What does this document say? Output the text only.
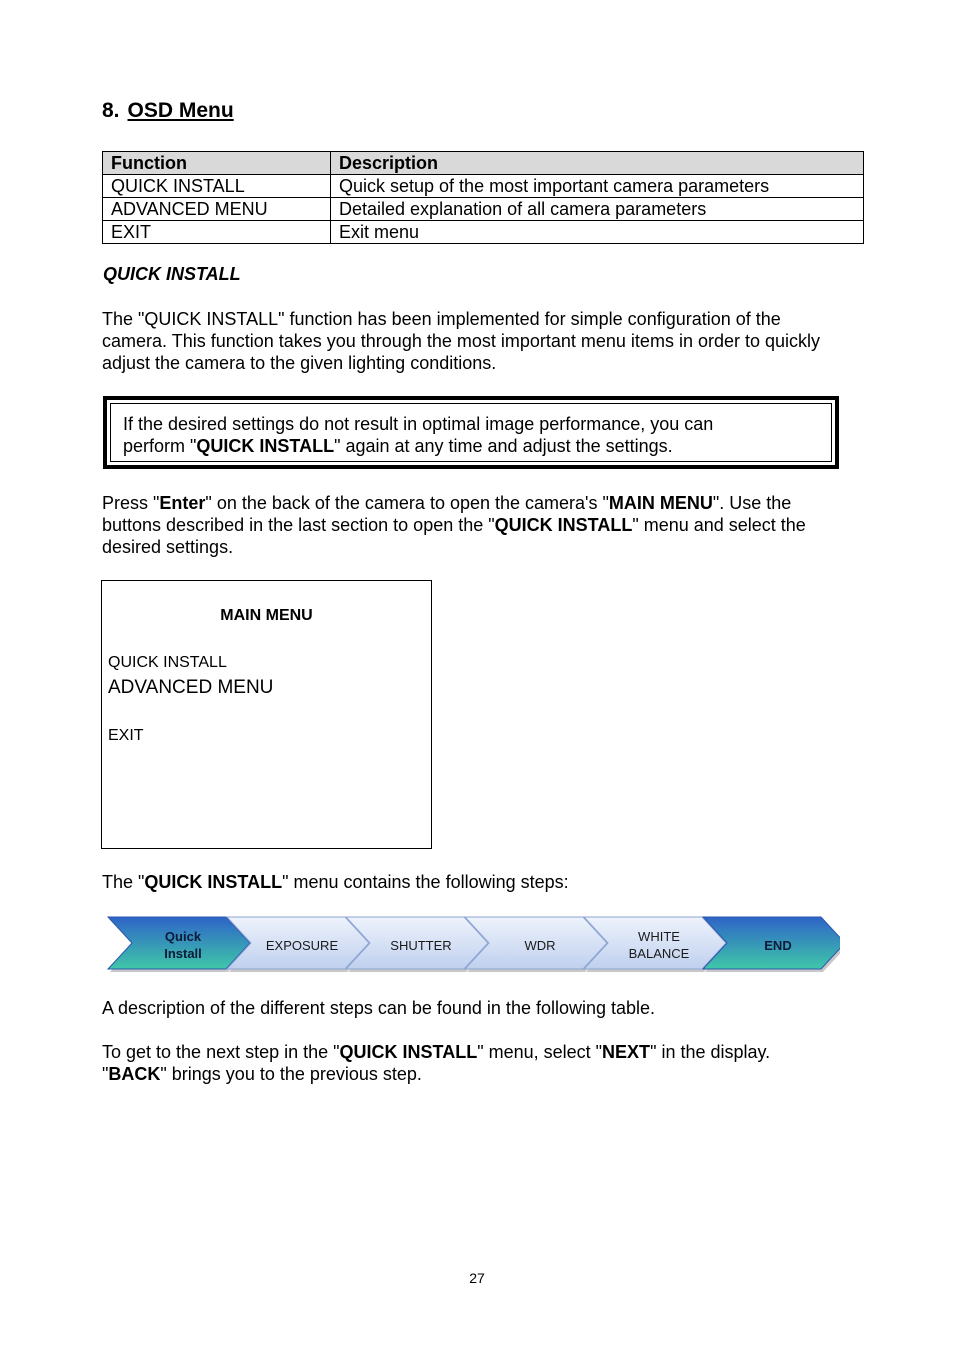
8. OSD Menu
Function	Description
QUICK INSTALL	Quick setup of the most important camera parameters
ADVANCED MENU	Detailed explanation of all camera parameters
EXIT	Exit menu
QUICK INSTALL
The "QUICK INSTALL" function has been implemented for simple configuration of the
camera. This function takes you through the most important menu items in order to quickly
adjust the camera to the given lighting conditions.
If the desired settings do not result in optimal image performance, you can
perform "QUICK INSTALL" again at any time and adjust the settings.
Press "Enter" on the back of the camera to open the camera's "MAIN MENU". Use the
buttons described in the last section to open the "QUICK INSTALL" menu and select the
desired settings.
MAIN MENU
QUICK INSTALL
ADVANCED MENU
EXIT
The "QUICK INSTALL" menu contains the following steps:
Quick
Install
EXPOSURE	SHUTTER	WDR
WHITE
BALANCE
END
A description of the different steps can be found in the following table.
To get to the next step in the "QUICK INSTALL" menu, select "NEXT" in the display.
"BACK" brings you to the previous step.
27
